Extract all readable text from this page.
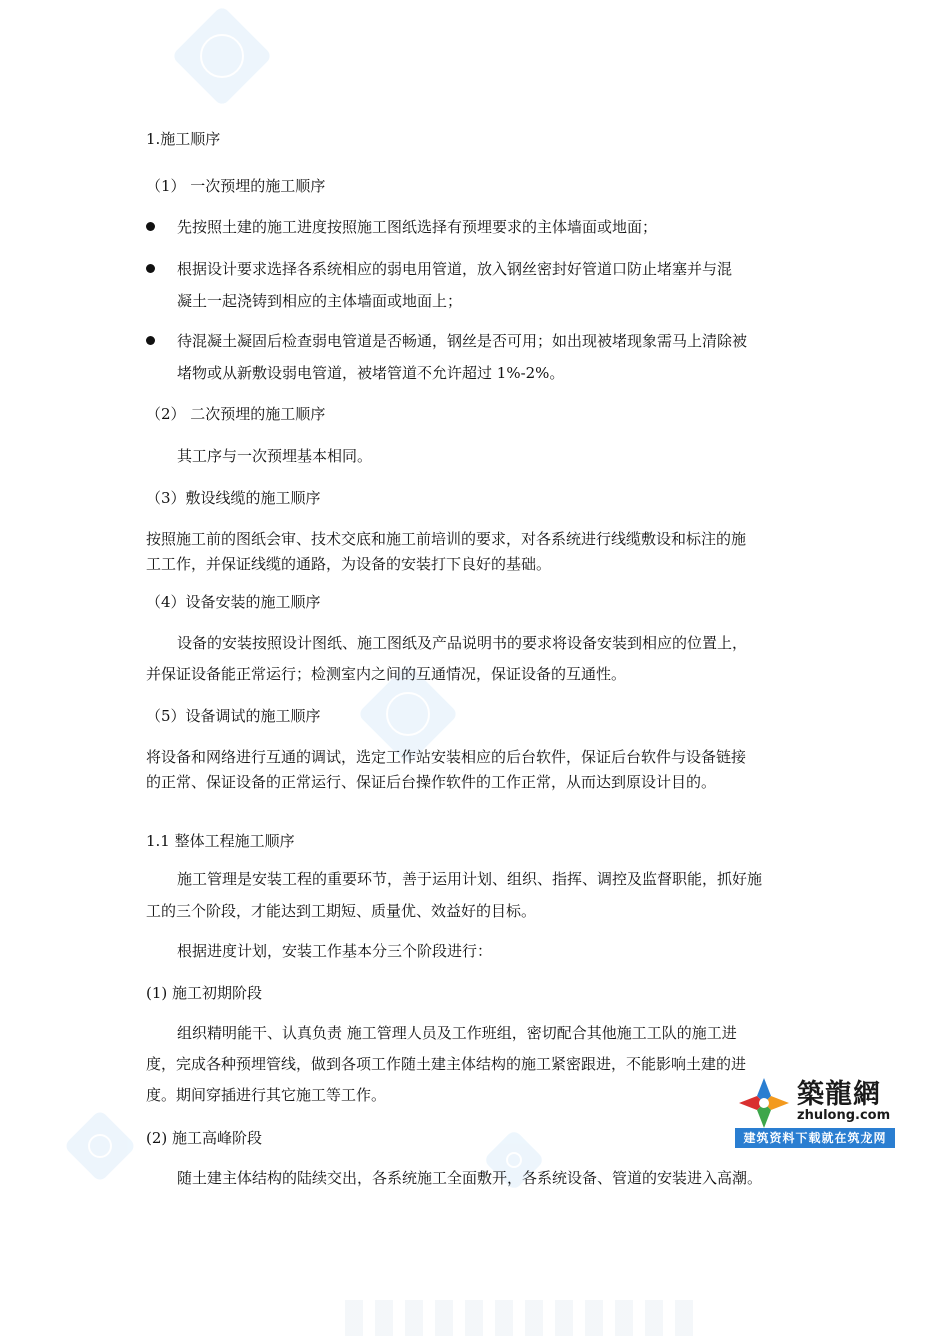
1.施工顺序
（1） 一次预埋的施工顺序
先按照土建的施工进度按照施工图纸选择有预埋要求的主体墙面或地面；
根据设计要求选择各系统相应的弱电用管道，放入钢丝密封好管道口防止堵塞并与混
凝土一起浇铸到相应的主体墙面或地面上；
待混凝土凝固后检查弱电管道是否畅通，钢丝是否可用；如出现被堵现象需马上清除被
堵物或从新敷设弱电管道，被堵管道不允许超过 1%-2%。
（2） 二次预埋的施工顺序
其工序与一次预埋基本相同。
（3）敷设线缆的施工顺序
按照施工前的图纸会审、技术交底和施工前培训的要求，对各系统进行线缆敷设和标注的施
工工作，并保证线缆的通路，为设备的安装打下良好的基础。
（4）设备安装的施工顺序
设备的安装按照设计图纸、施工图纸及产品说明书的要求将设备安装到相应的位置上，
并保证设备能正常运行；检测室内之间的互通情况，保证设备的互通性。
（5）设备调试的施工顺序
将设备和网络进行互通的调试，选定工作站安装相应的后台软件，保证后台软件与设备链接
的正常、保证设备的正常运行、保证后台操作软件的工作正常，从而达到原设计目的。
1.1 整体工程施工顺序
施工管理是安装工程的重要环节，善于运用计划、组织、指挥、调控及监督职能，抓好施
工的三个阶段，才能达到工期短、质量优、效益好的目标。
根据进度计划，安装工作基本分三个阶段进行：
(1) 施工初期阶段
组织精明能干、认真负责 施工管理人员及工作班组，密切配合其他施工工队的施工进
度，完成各种预埋管线，做到各项工作随土建主体结构的施工紧密跟进，不能影响土建的进
度。期间穿插进行其它施工等工作。
(2) 施工高峰阶段
随土建主体结构的陆续交出，各系统施工全面敷开，各系统设备、管道的安装进入高潮。
築龍網
zhulong.com
建筑资料下载就在筑龙网
